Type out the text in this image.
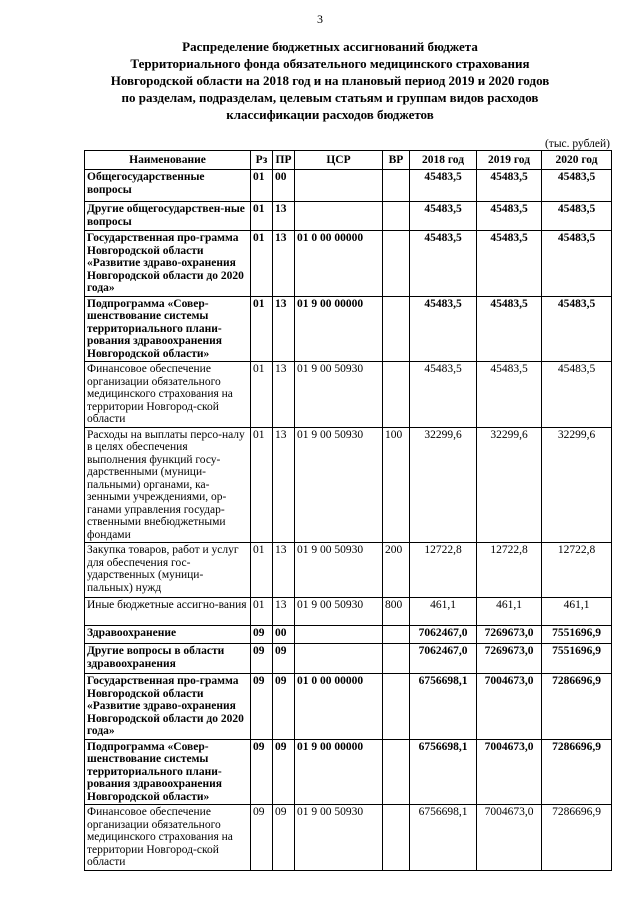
3
Распределение бюджетных ассигнований бюджета
Территориального фонда обязательного медицинского страхования
Новгородской области на 2018 год и на плановый период 2019 и 2020 годов
по разделам, подразделам, целевым статьям и группам видов расходов
классификации расходов бюджетов
(тыс. рублей)
Наименование	Рз	ПР	ЦСР	ВР	2018 год	2019 год	2020 год
Общегосударственные вопросы	01	00			45483,5	45483,5	45483,5
Другие общегосударствен-ные вопросы	01	13			45483,5	45483,5	45483,5
Государственная про-грамма Новгородской области «Развитие здраво-охранения Новгородской области до 2020 года»	01	13	01 0 00 00000		45483,5	45483,5	45483,5
Подпрограмма «Совер-шенствование системы территориального плани-рования здравоохранения Новгородской области»	01	13	01 9 00 00000		45483,5	45483,5	45483,5
Финансовое обеспечение организации обязательного медицинского страхования на территории Новгород-ской области	01	13	01 9 00 50930		45483,5	45483,5	45483,5
Расходы на выплаты персо-налу в целях обеспечения выполнения функций госу-дарственными (муници-пальными) органами, ка-зенными учреждениями, ор-ганами управления государ-ственными внебюджетными фондами	01	13	01 9 00 50930	100	32299,6	32299,6	32299,6
Закупка товаров, работ и услуг для обеспечения гос-ударственных (муници-пальных) нужд	01	13	01 9 00 50930	200	12722,8	12722,8	12722,8
Иные бюджетные ассигно-вания	01	13	01 9 00 50930	800	461,1	461,1	461,1
Здравоохранение	09	00			7062467,0	7269673,0	7551696,9
Другие вопросы в области здравоохранения	09	09			7062467,0	7269673,0	7551696,9
Государственная про-грамма Новгородской области «Развитие здраво-охранения Новгородской области до 2020 года»	09	09	01 0 00 00000		6756698,1	7004673,0	7286696,9
Подпрограмма «Совер-шенствование системы территориального плани-рования здравоохранения Новгородской области»	09	09	01 9 00 00000		6756698,1	7004673,0	7286696,9
Финансовое обеспечение организации обязательного медицинского страхования на территории Новгород-ской области	09	09	01 9 00 50930		6756698,1	7004673,0	7286696,9
